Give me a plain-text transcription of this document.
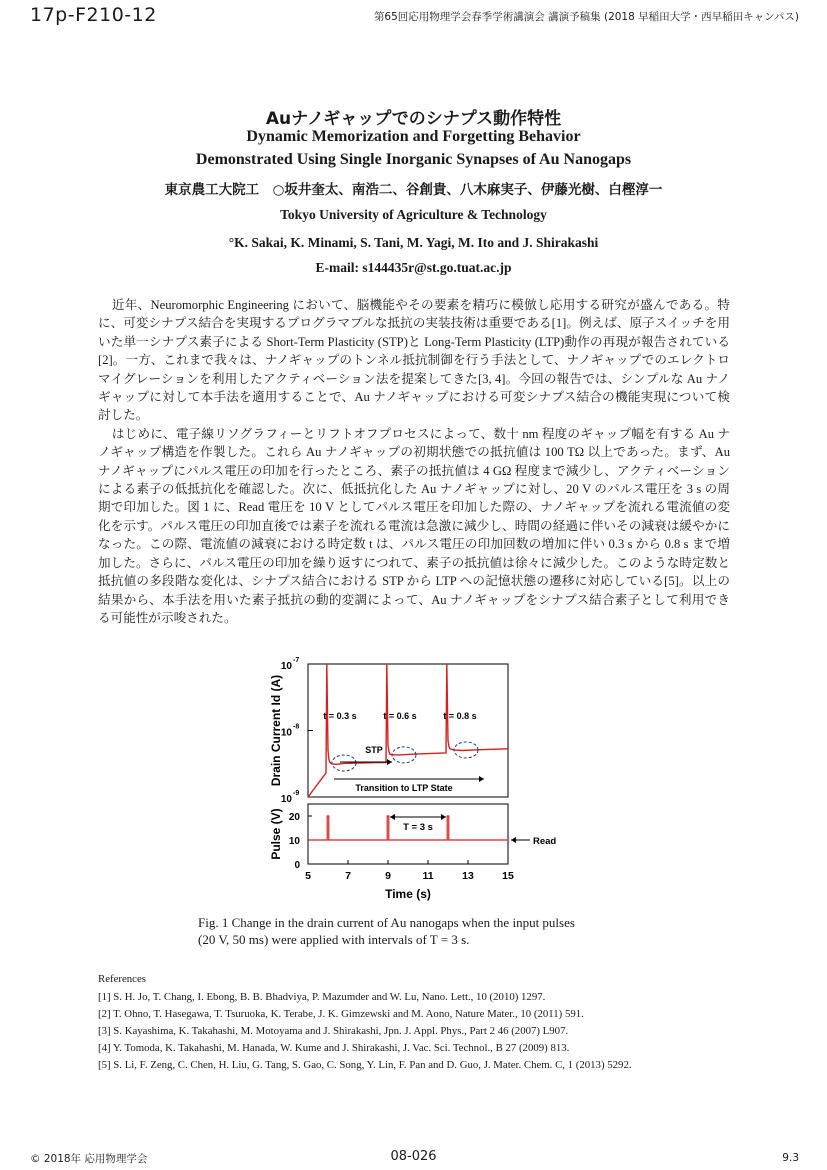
17p-F210-12	第65回応用物理学会春季学術講演会 講演予稿集 (2018 早稲田大学・西早稲田キャンパス)
Auナノギャップでのシナプス動作特性
Dynamic Memorization and Forgetting Behavior
Demonstrated Using Single Inorganic Synapses of Au Nanogaps
東京農工大院工　○坂井奎太、南浩二、谷創貴、八木麻実子、伊藤光樹、白樫淳一
Tokyo University of Agriculture & Technology
°K. Sakai, K. Minami, S. Tani, M. Yagi, M. Ito and J. Shirakashi
E-mail: s144435r@st.go.tuat.ac.jp

近年、Neuromorphic Engineering において、脳機能やその要素を精巧に模倣し応用する研究が盛んである。特に、可変シナプス結合を実現するプログラマブルな抵抗の実装技術は重要である[1]。例えば、原子スイッチを用いた単一シナプス素子による Short-Term Plasticity (STP)と Long-Term Plasticity (LTP)動作の再現が報告されている[2]。一方、これまで我々は、ナノギャップのトンネル抵抗制御を行う手法として、ナノギャップでのエレクトロマイグレーションを利用したアクティベーション法を提案してきた[3, 4]。今回の報告では、シンプルな Au ナノギャップに対して本手法を適用することで、Au ナノギャップにおける可変シナプス結合の機能実現について検討した。

はじめに、電子線リソグラフィーとリフトオフプロセスによって、数十 nm 程度のギャップ幅を有する Au ナノギャップ構造を作製した。これら Au ナノギャップの初期状態での抵抗値は 100 TΩ 以上であった。まず、Au ナノギャップにパルス電圧の印加を行ったところ、素子の抵抗値は 4 GΩ 程度まで減少し、アクティベーションによる素子の低抵抗化を確認した。次に、低抵抗化した Au ナノギャップに対し、20 V のパルス電圧を 3 s の周期で印加した。図 1 に、Read 電圧を 10 V としてパルス電圧を印加した際の、ナノギャップを流れる電流値の変化を示す。パルス電圧の印加直後では素子を流れる電流は急激に減少し、時間の経過に伴いその減衰は緩やかになった。この際、電流値の減衰における時定数 t は、パルス電圧の印加回数の増加に伴い 0.3 s から 0.8 s まで増加した。さらに、パルス電圧の印加を繰り返すにつれて、素子の抵抗値は徐々に減少した。このような時定数と抵抗値の多段階な変化は、シナプス結合における STP から LTP への記憶状態の遷移に対応している[5]。以上の結果から、本手法を用いた素子抵抗の動的変調によって、Au ナノギャップをシナプス結合素子として利用できる可能性が示唆された。

5	7	9	11	13	15
Time (s)
10
-7
10
-8
10
-9
Drain Current Id (A)
0
10
20
Pulse (V)
t = 0.3 s	t = 0.6 s	t = 0.8 s
STP
Transition to LTP State
T = 3 s
Read
Fig. 1 Change in the drain current of Au nanogaps when the input pulses
(20 V, 50 ms) were applied with intervals of T = 3 s.
References
[1] S. H. Jo, T. Chang, I. Ebong, B. B. Bhadviya, P. Mazumder and W. Lu, Nano. Lett., 10 (2010) 1297.
[2] T. Ohno, T. Hasegawa, T. Tsuruoka, K. Terabe, J. K. Gimzewski and M. Aono, Nature Mater., 10 (2011) 591.
[3] S. Kayashima, K. Takahashi, M. Motoyama and J. Shirakashi, Jpn. J. Appl. Phys., Part 2 46 (2007) L907.
[4] Y. Tomoda, K. Takahashi, M. Hanada, W. Kume and J. Shirakashi, J. Vac. Sci. Technol., B 27 (2009) 813.
[5] S. Li, F. Zeng, C. Chen, H. Liu, G. Tang, S. Gao, C. Song, Y. Lin, F. Pan and D. Guo, J. Mater. Chem. C, 1 (2013) 5292.
© 2018年 応用物理学会	08-026	9.3
